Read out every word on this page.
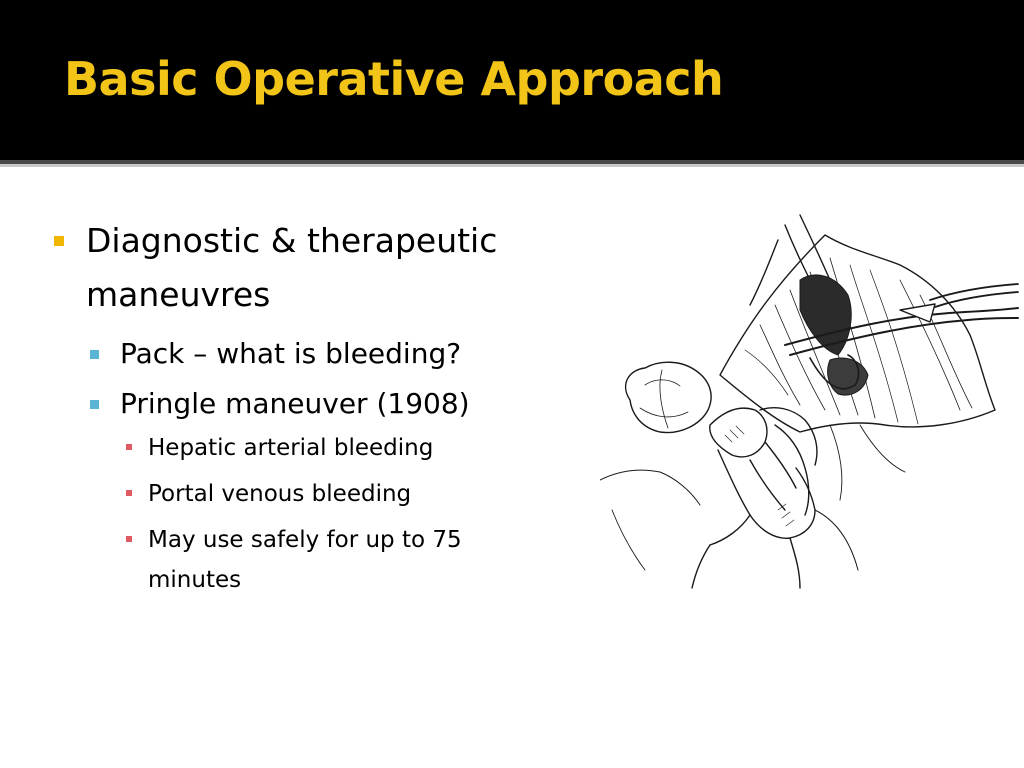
Basic Operative Approach
Diagnostic & therapeutic maneuvres
Pack – what is bleeding?
Pringle maneuver (1908)
Hepatic arterial bleeding
Portal venous bleeding
May use safely for up to 75 minutes
